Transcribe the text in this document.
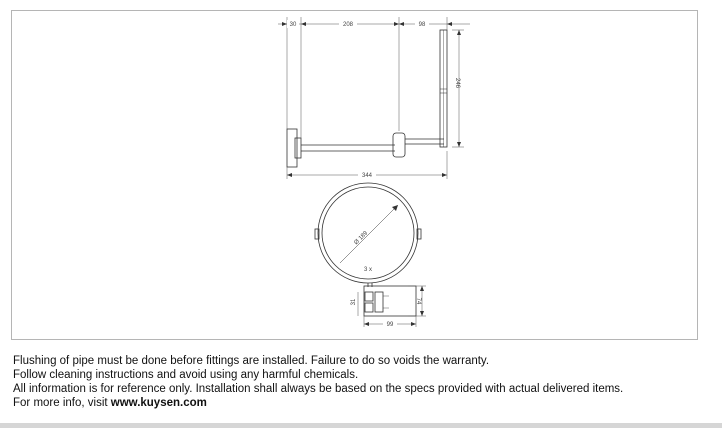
30	208	98
246
344
Ø 189
3 x
31	74
99
Flushing of pipe must be done before fittings are installed. Failure to do so voids the warranty.
Follow cleaning instructions and avoid using any harmful chemicals.
All information is for reference only. Installation shall always be based on the specs provided with actual delivered items.
For more info, visit www.kuysen.com
